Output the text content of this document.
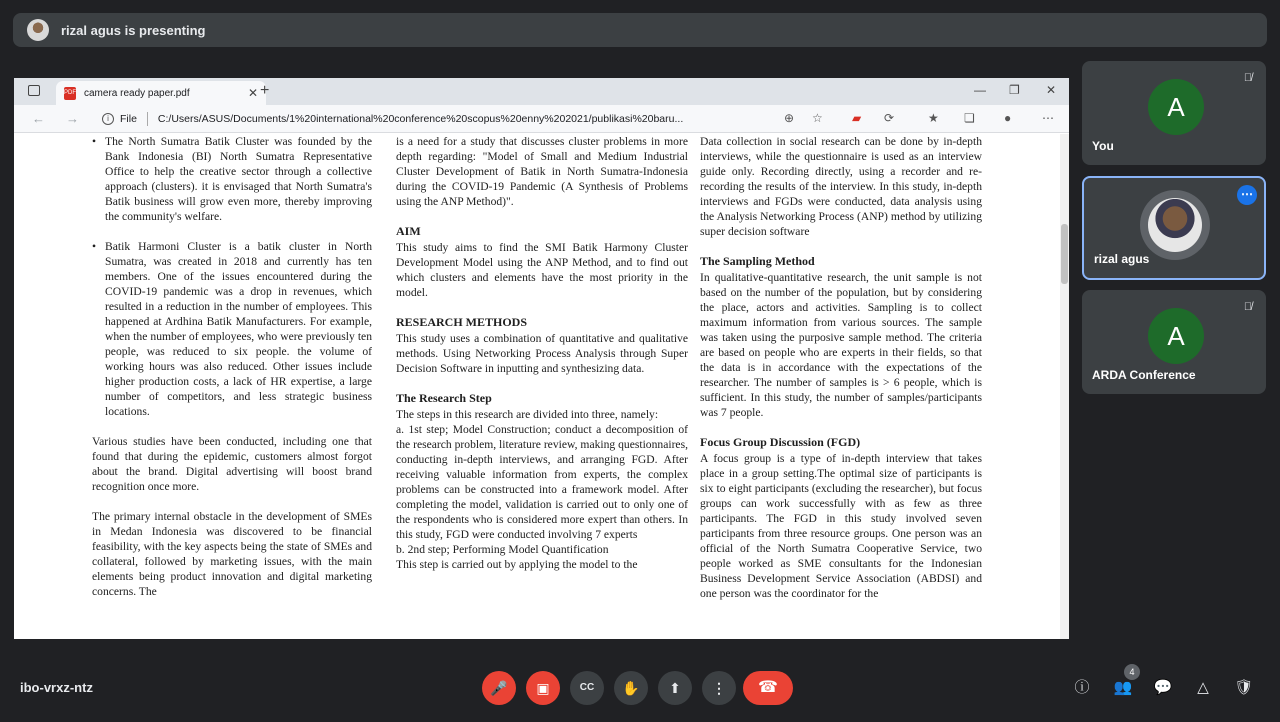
rizal agus is presenting
PDF camera ready paper.pdf	✕ +	— ❐ ✕
← →	i	File C:/Users/ASUS/Documents/1%20international%20conference%20scopus%20enny%202021/publikasi%20baru...	⊕ ☆ ▰ ⟳	★ ❏ ●	⋯
• The North Sumatra Batik Cluster was founded by the Bank Indonesia (BI) North Sumatra Representative Office to help the creative sector through a collective approach (clusters). it is envisaged that North Sumatra's Batik business will grow even more, thereby improving the community's welfare.
• Batik Harmoni Cluster is a batik cluster in North Sumatra, was created in 2018 and currently has ten members. One of the issues encountered during the COVID-19 pandemic was a drop in revenues, which resulted in a reduction in the number of employees. This happened at Ardhina Batik Manufacturers. For example, when the number of employees, who were previously ten people, was reduced to six people. the volume of working hours was also reduced. Other issues include higher production costs, a lack of HR expertise, a large number of competitors, and less strategic business locations.

Various studies have been conducted, including one that found that during the epidemic, customers almost forgot about the brand. Digital advertising will boost brand recognition once more.

The primary internal obstacle in the development of SMEs in Medan Indonesia was discovered to be financial feasibility, with the key aspects being the state of SMEs and collateral, followed by marketing issues, with the main elements being product innovation and digital marketing concerns. The

is a need for a study that discusses cluster problems in more depth regarding: "Model of Small and Medium Industrial Cluster Development of Batik in North Sumatra-Indonesia during the COVID-19 Pandemic (A Synthesis of Problems using the ANP Method)".

AIM

This study aims to find the SMI Batik Harmony Cluster Development Model using the ANP Method, and to find out which clusters and elements have the most priority in the model.

RESEARCH METHODS

This study uses a combination of quantitative and qualitative methods. Using Networking Process Analysis through Super Decision Software in inputting and synthesizing data.

The Research Step
The steps in this research are divided into three, namely:
a. 1st step; Model Construction; conduct a decomposition of the research problem, literature review, making questionnaires, conducting in-depth interviews, and arranging FGD. After receiving valuable information from experts, the complex problems can be constructed into a framework model. After completing the model, validation is carried out to only one of the respondents who is considered more expert than others. In this study, FGD were conducted involving 7 experts
b. 2nd step; Performing Model Quantification
This step is carried out by applying the model to the

Data collection in social research can be done by in-depth interviews, while the questionnaire is used as an interview guide only. Recording directly, using a recorder and re-recording the results of the interview. In this study, in-depth interviews and FGDs were conducted, data analysis using the Analysis Networking Process (ANP) method by utilizing super decision software

The Sampling Method

In qualitative-quantitative research, the unit sample is not based on the number of the population, but by considering the place, actors and activities. Sampling is to collect maximum information from various sources. The sample was taken using the purposive sample method. The criteria are based on people who are experts in their fields, so that the data is in accordance with the expectations of the researcher. The number of samples is > 6 people, which is sufficient. In this study, the number of samples/participants was 7 people.

Focus Group Discussion (FGD)

A focus group is a type of in-depth interview that takes place in a group setting.The optimal size of participants is six to eight participants (excluding the researcher), but focus groups can work successfully with as few as three participants. The FGD in this study involved seven participants from three resource groups. One person was an official of the North Sumatra Cooperative Service, two people worked as SME consultants for the Indonesian Business Development Service Association (ABDSI) and one person was the coordinator for the

A
🎙̸
You
⋯
rizal agus
A
🎙̸
ARDA Conference
ibo-vrxz-ntz	🎤	▣	CC	✋	⬆	⋮	☎	ⓘ 👥
4
💬	△	🛡
